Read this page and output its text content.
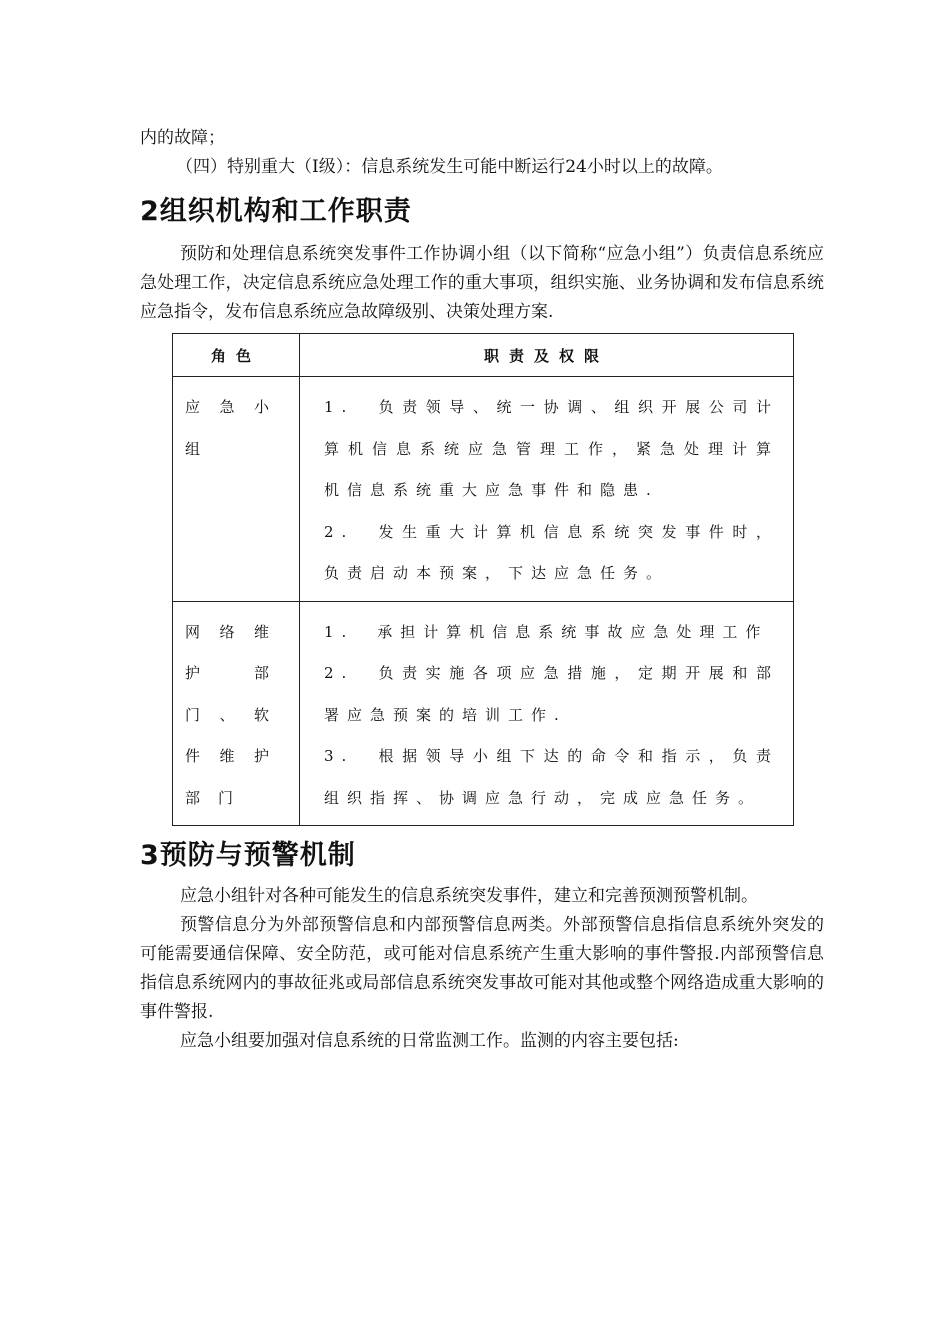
内的故障；

（四）特别重大（Ⅰ级）：信息系统发生可能中断运行24小时以上的故障。

2组织机构和工作职责

预防和处理信息系统突发事件工作协调小组（以下简称“应急小组”）负责信息系统应急处理工作，决定信息系统应急处理工作的重大事项，组织实施、业务协调和发布信息系统应急指令，发布信息系统应急故障级别、决策处理方案.

角色	职责及权限

应急小组	1.　负责领导、统一协调、组织开展公司计算机信息系统应急管理工作，紧急处理计算机信息系统重大应急事件和隐患.
2.　发生重大计算机信息系统突发事件时，负责启动本预案，下达应急任务。

网络维护部门、软件维护部门	1.　承担计算机信息系统事故应急处理工作
2.　负责实施各项应急措施，定期开展和部署应急预案的培训工作.
3.　根据领导小组下达的命令和指示，负责组织指挥、协调应急行动，完成应急任务。
3预防与预警机制

应急小组针对各种可能发生的信息系统突发事件，建立和完善预测预警机制。

预警信息分为外部预警信息和内部预警信息两类。外部预警信息指信息系统外突发的可能需要通信保障、安全防范，或可能对信息系统产生重大影响的事件警报.内部预警信息指信息系统网内的事故征兆或局部信息系统突发事故可能对其他或整个网络造成重大影响的事件警报.

应急小组要加强对信息系统的日常监测工作。监测的内容主要包括:
